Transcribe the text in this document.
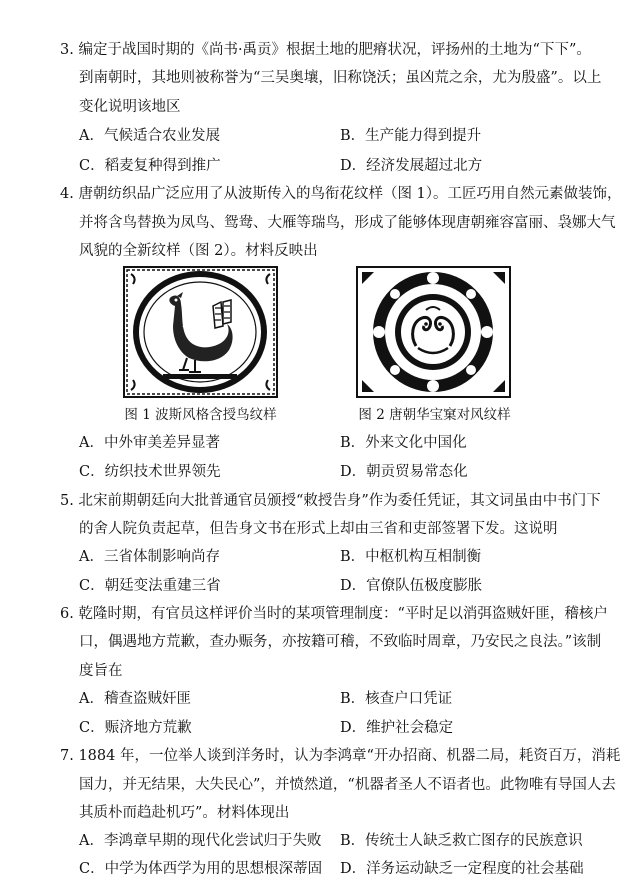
3. 编定于战国时期的《尚书·禹贡》根据土地的肥瘠状况，评扬州的土地为“下下”。
到南朝时，其地则被称誉为“三吴奥壤，旧称饶沃；虽凶荒之余，尤为殷盛”。以上
变化说明该地区
A．气候适合农业发展	B．生产能力得到提升
C．稻麦复种得到推广	D．经济发展超过北方
4. 唐朝纺织品广泛应用了从波斯传入的鸟衔花纹样（图 1）。工匠巧用自然元素做装饰，
并将含鸟替换为凤鸟、鸳鸯、大雁等瑞鸟，形成了能够体现唐朝雍容富丽、袅娜大气
风貌的全新纹样（图 2）。材料反映出
图 1 波斯风格含授鸟纹样	图 2 唐朝华宝窠对风纹样
A．中外审美差异显著	B．外来文化中国化
C．纺织技术世界领先	D．朝贡贸易常态化
5. 北宋前期朝廷向大批普通官员颁授“敕授告身”作为委任凭证，其文词虽由中书门下
的舍人院负责起草，但告身文书在形式上却由三省和吏部签署下发。这说明
A．三省体制影响尚存	B．中枢机构互相制衡
C．朝廷变法重建三省	D．官僚队伍极度膨胀
6. 乾隆时期，有官员这样评价当时的某项管理制度：“平时足以消弭盗贼奸匪，稽核户
口，偶遇地方荒歉，查办赈务，亦按籍可稽，不致临时周章，乃安民之良法。”该制
度旨在
A．稽查盗贼奸匪	B．核查户口凭证
C．赈济地方荒歉	D．维护社会稳定
7. 1884 年，一位举人谈到洋务时，认为李鸿章“开办招商、机器二局，耗资百万，消耗
国力，并无结果，大失民心”，并愤然道，“机器者圣人不语者也。此物唯有导国人去
其质朴而趋赴机巧”。材料体现出
A．李鸿章早期的现代化尝试归于失败 B．传统士人缺乏救亡图存的民族意识
C．中学为体西学为用的思想根深蒂固 D．洋务运动缺乏一定程度的社会基础
